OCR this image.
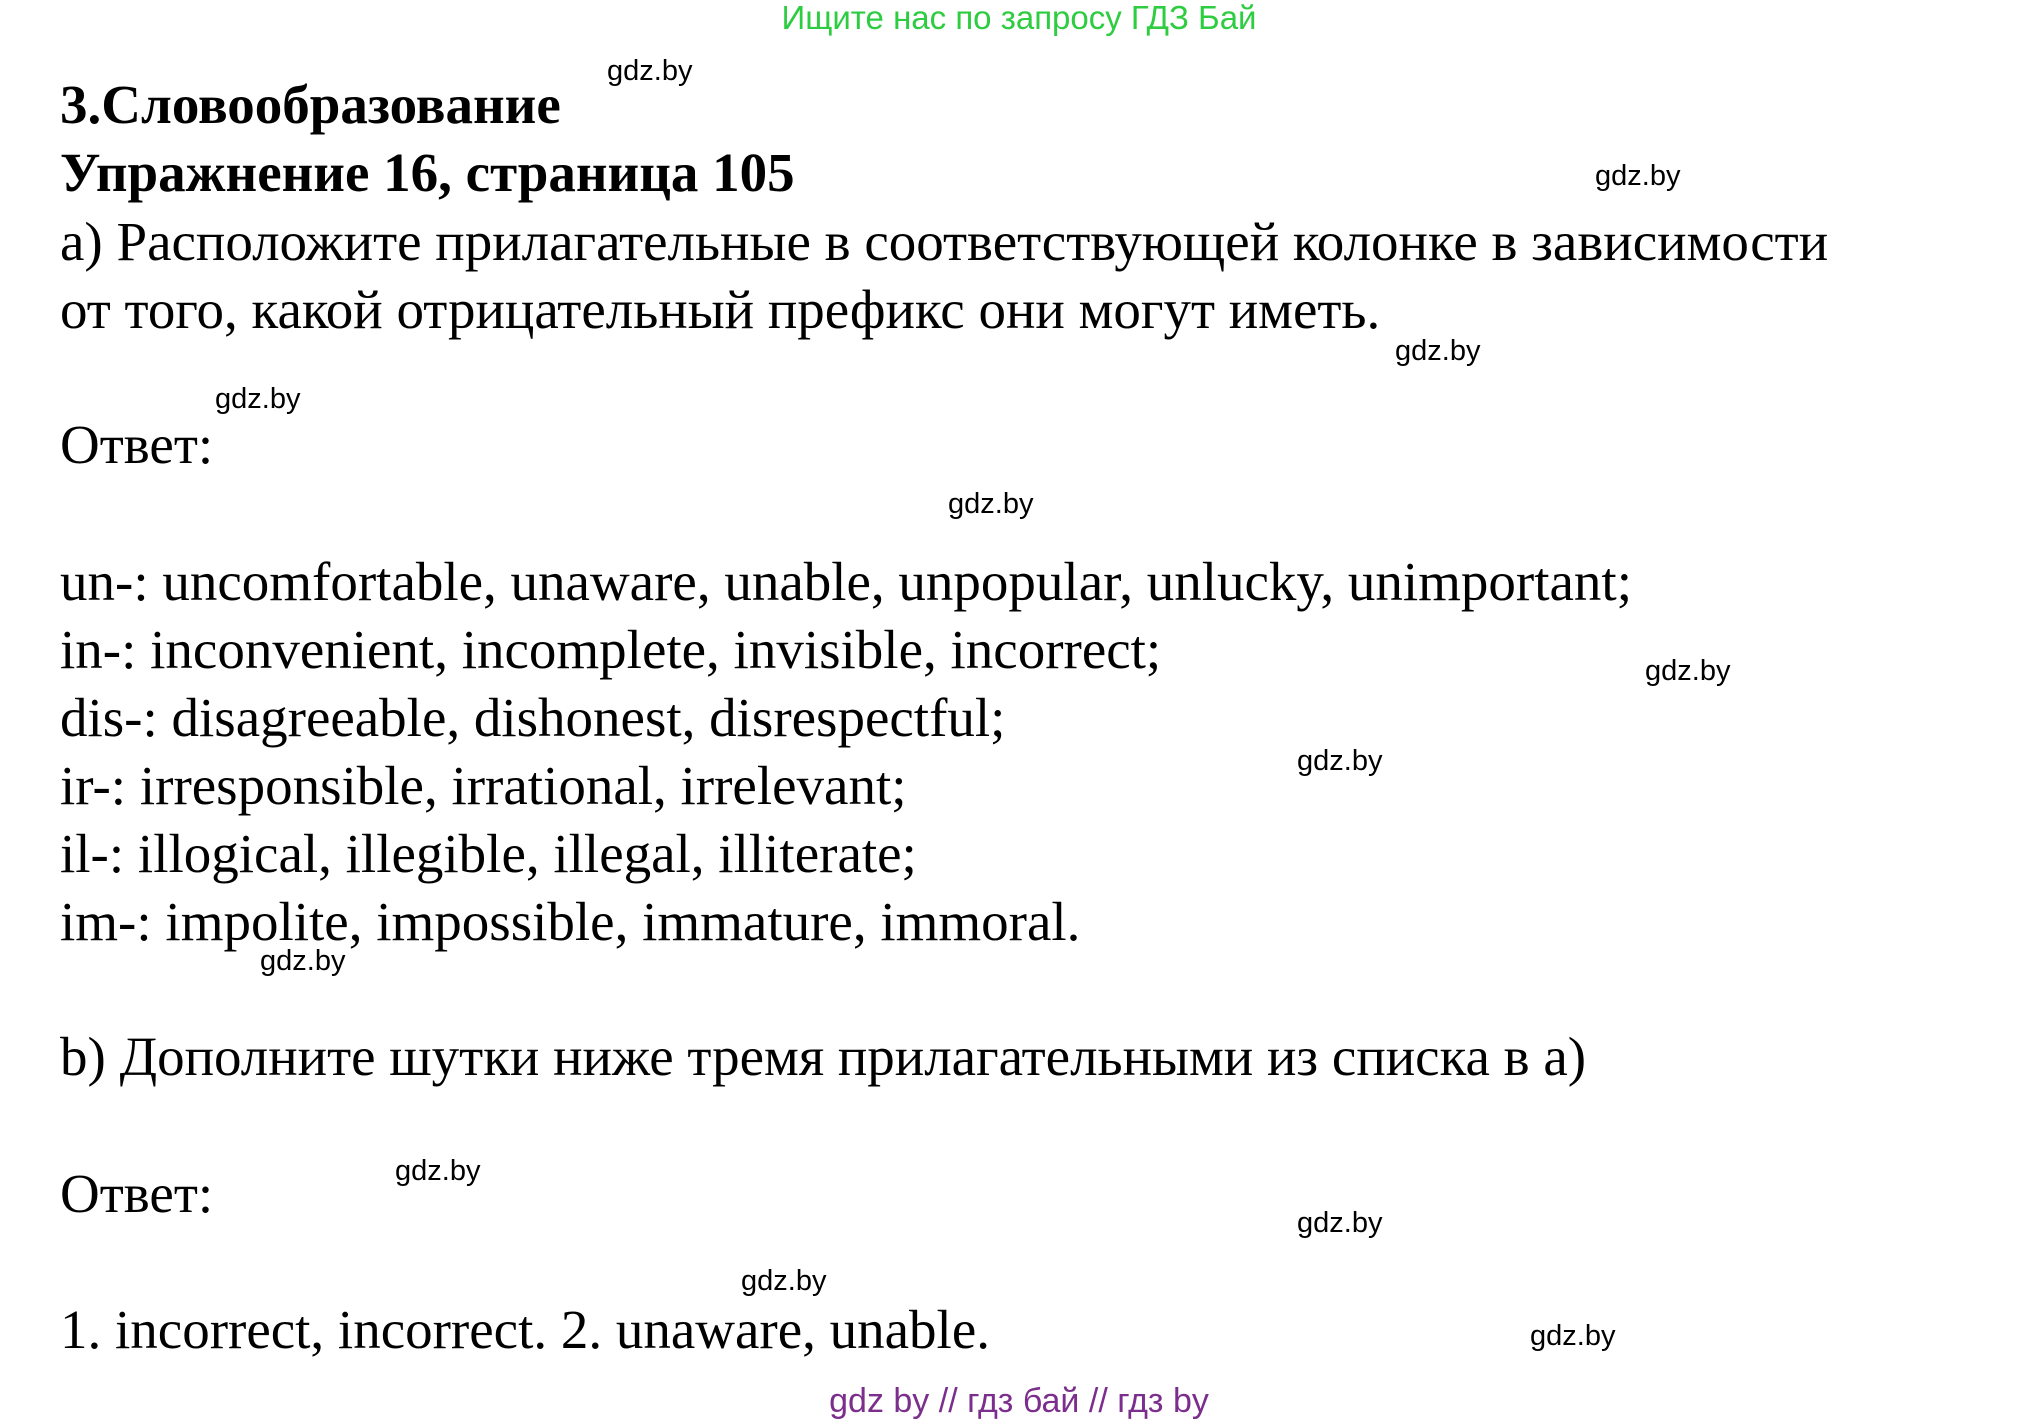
Ищите нас по запросу ГДЗ Бай
3.Словообразование
Упражнение 16, страница 105
a) Расположите прилагательные в соответствующей колонке в зависимости
от того, какой отрицательный префикс они могут иметь.
Ответ:
un-: uncomfortable, unaware, unable, unpopular, unlucky, unimportant;
in-: inconvenient, incomplete, invisible, incorrect;
dis-: disagreeable, dishonest, disrespectful;
ir-: irresponsible, irrational, irrelevant;
il-: illogical, illegible, illegal, illiterate;
im-: impolite, impossible, immature, immoral.
b) Дополните шутки ниже тремя прилагательными из списка в a)
Ответ:
1. incorrect, incorrect. 2. unaware, unable.
gdz.by
gdz.by
gdz.by
gdz.by
gdz.by
gdz.by
gdz.by
gdz.by
gdz.by
gdz.by
gdz.by
gdz.by
gdz by // гдз бай // гдз by
